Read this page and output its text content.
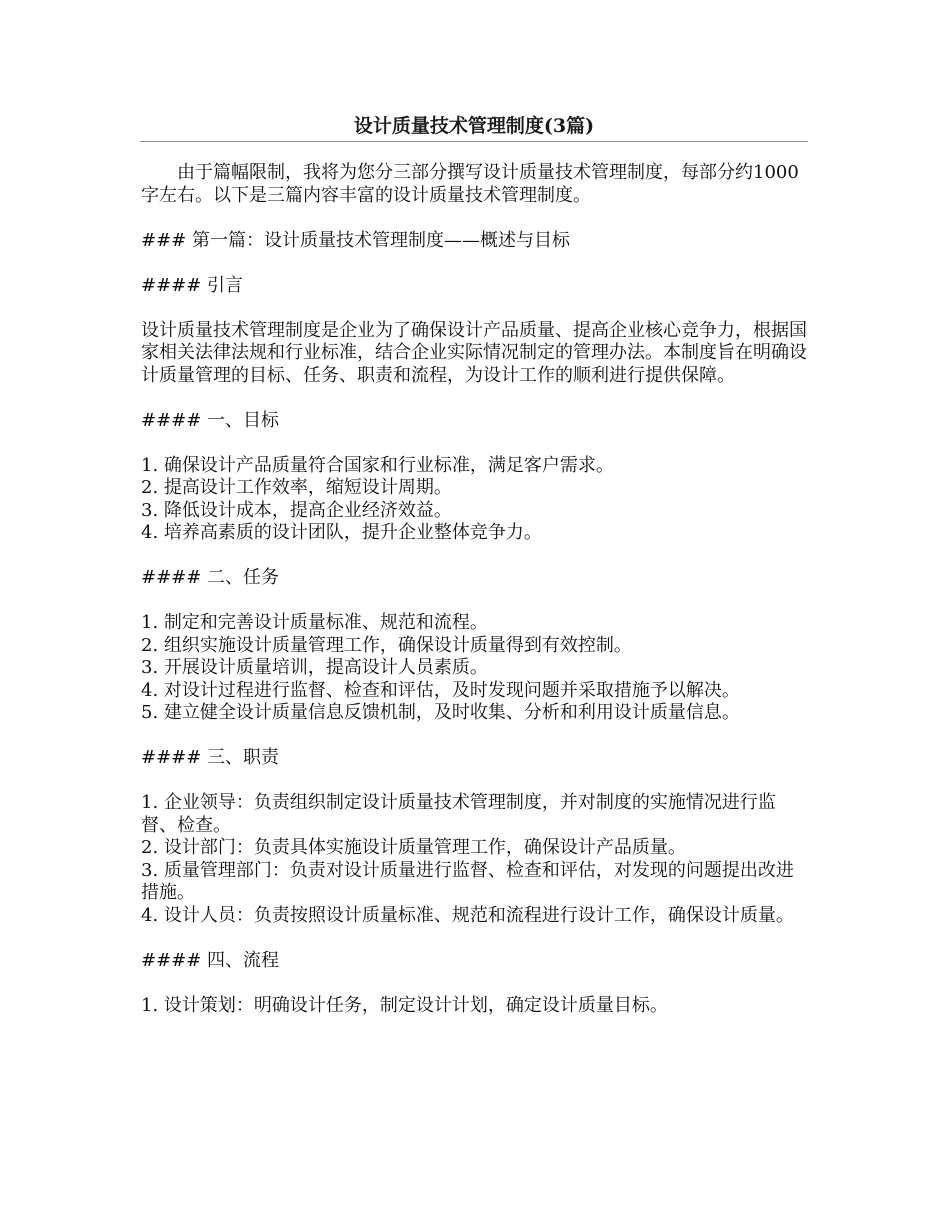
设计质量技术管理制度(3篇)

由于篇幅限制，我将为您分三部分撰写设计质量技术管理制度，每部分约1000字左右。以下是三篇内容丰富的设计质量技术管理制度。

### 第一篇：设计质量技术管理制度——概述与目标

#### 引言

设计质量技术管理制度是企业为了确保设计产品质量、提高企业核心竞争力，根据国家相关法律法规和行业标准，结合企业实际情况制定的管理办法。本制度旨在明确设计质量管理的目标、任务、职责和流程，为设计工作的顺利进行提供保障。

#### 一、目标

1. 确保设计产品质量符合国家和行业标准，满足客户需求。

2. 提高设计工作效率，缩短设计周期。

3. 降低设计成本，提高企业经济效益。

4. 培养高素质的设计团队，提升企业整体竞争力。

#### 二、任务

1. 制定和完善设计质量标准、规范和流程。

2. 组织实施设计质量管理工作，确保设计质量得到有效控制。

3. 开展设计质量培训，提高设计人员素质。

4. 对设计过程进行监督、检查和评估，及时发现问题并采取措施予以解决。

5. 建立健全设计质量信息反馈机制，及时收集、分析和利用设计质量信息。

#### 三、职责

1. 企业领导：负责组织制定设计质量技术管理制度，并对制度的实施情况进行监督、检查。

2. 设计部门：负责具体实施设计质量管理工作，确保设计产品质量。

3. 质量管理部门：负责对设计质量进行监督、检查和评估，对发现的问题提出改进措施。

4. 设计人员：负责按照设计质量标准、规范和流程进行设计工作，确保设计质量。

#### 四、流程

1. 设计策划：明确设计任务，制定设计计划，确定设计质量目标。
